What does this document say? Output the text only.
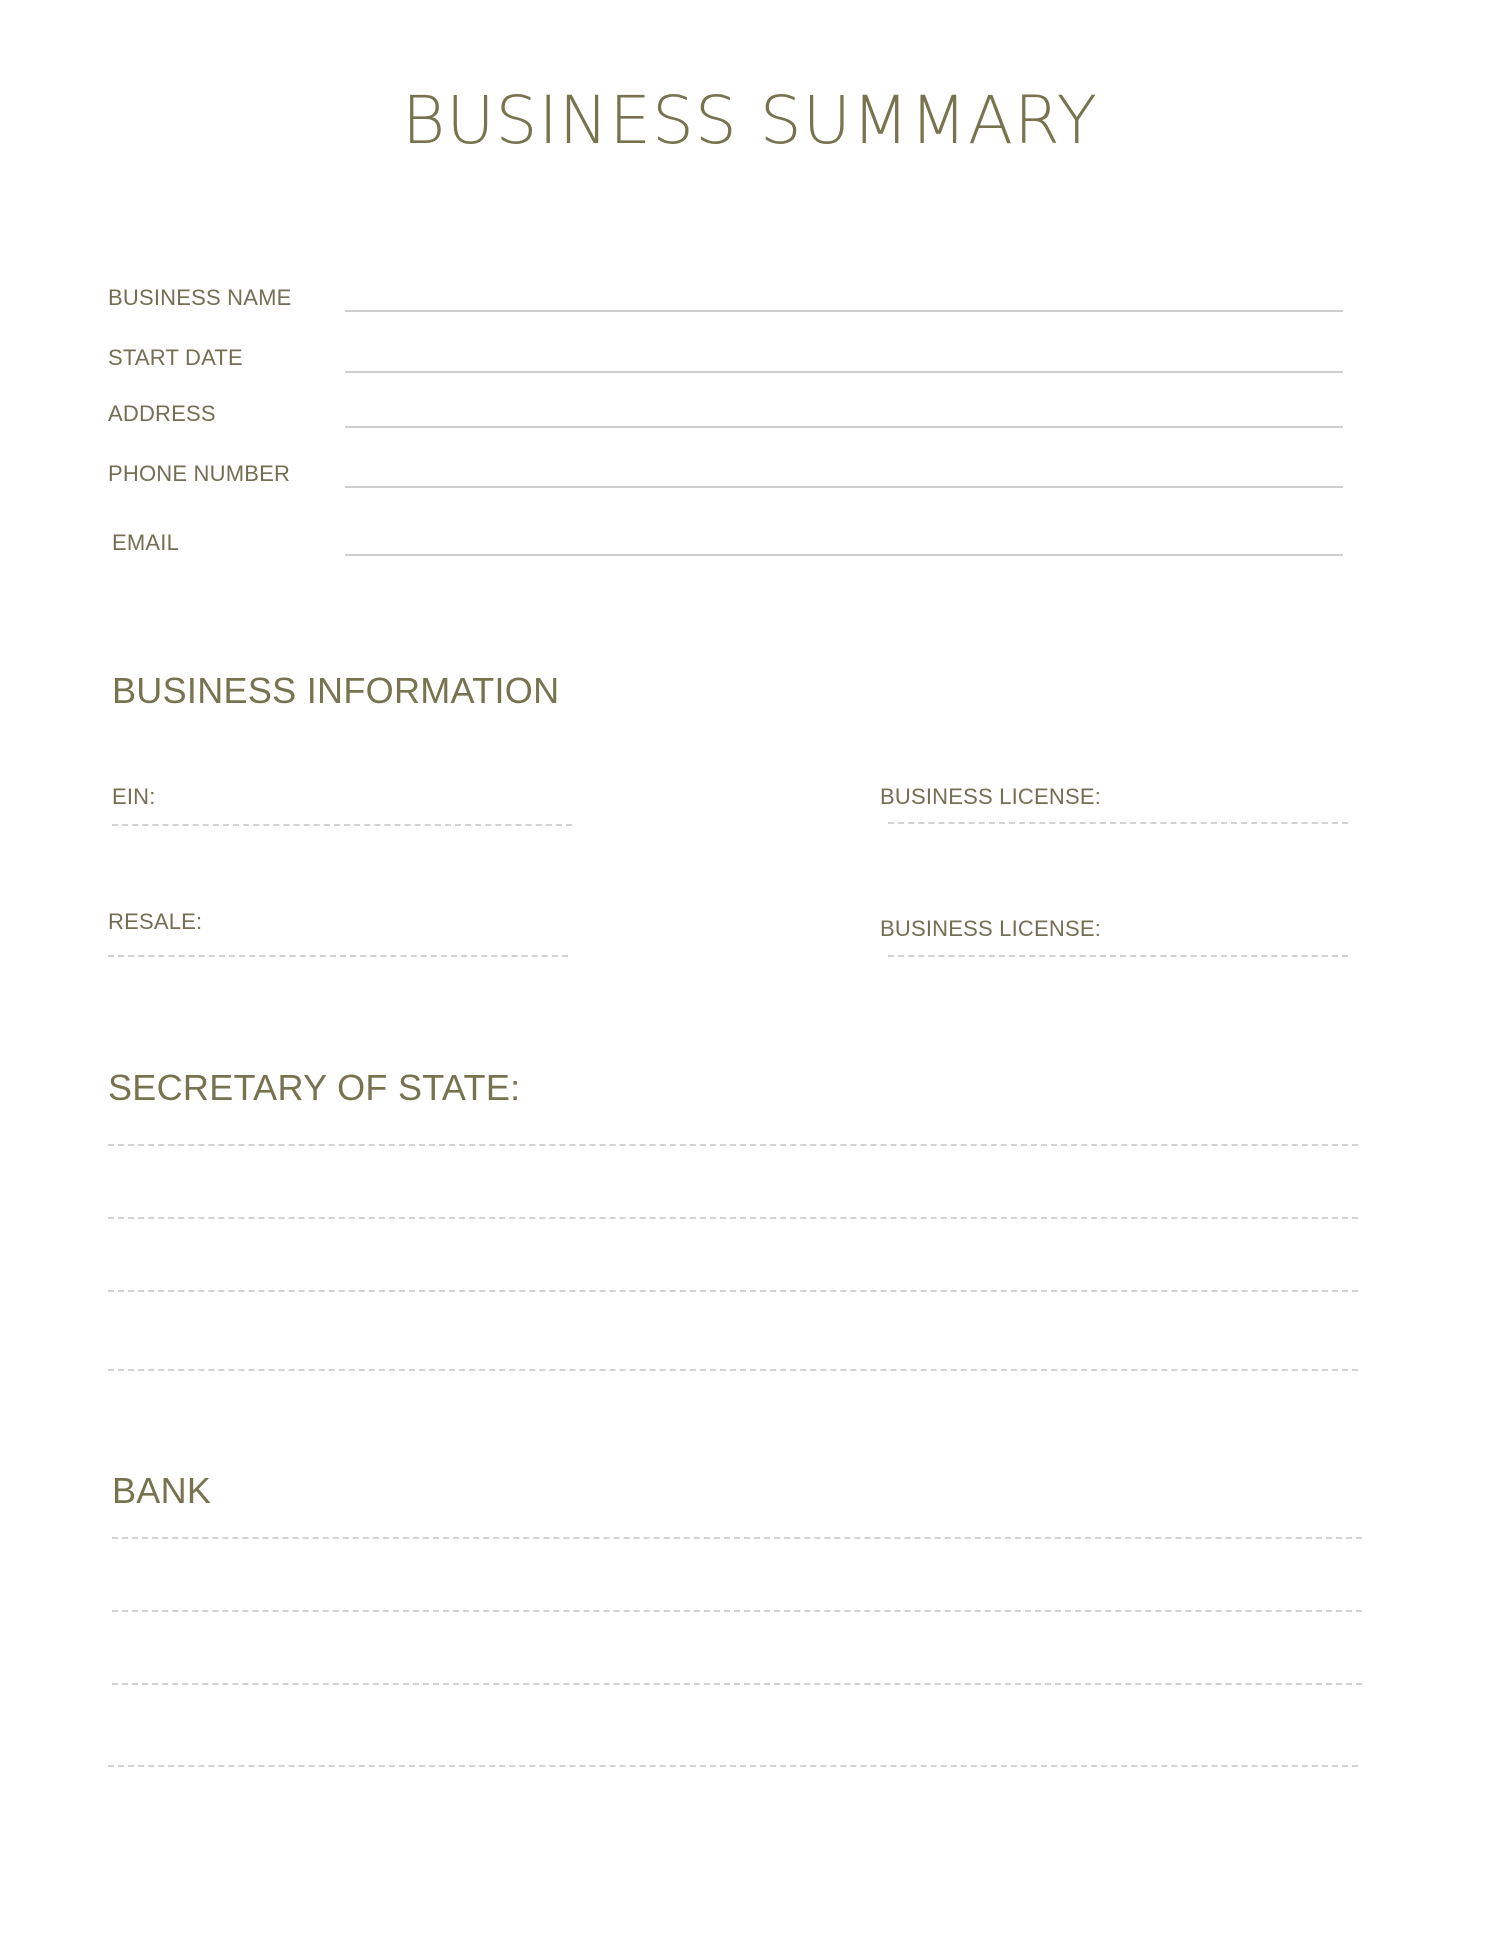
BUSINESS SUMMARY
BUSINESS NAME
START DATE
ADDRESS
PHONE NUMBER
EMAIL
BUSINESS INFORMATION
EIN:	BUSINESS LICENSE:
RESALE:	BUSINESS LICENSE:
SECRETARY OF STATE:
BANK
